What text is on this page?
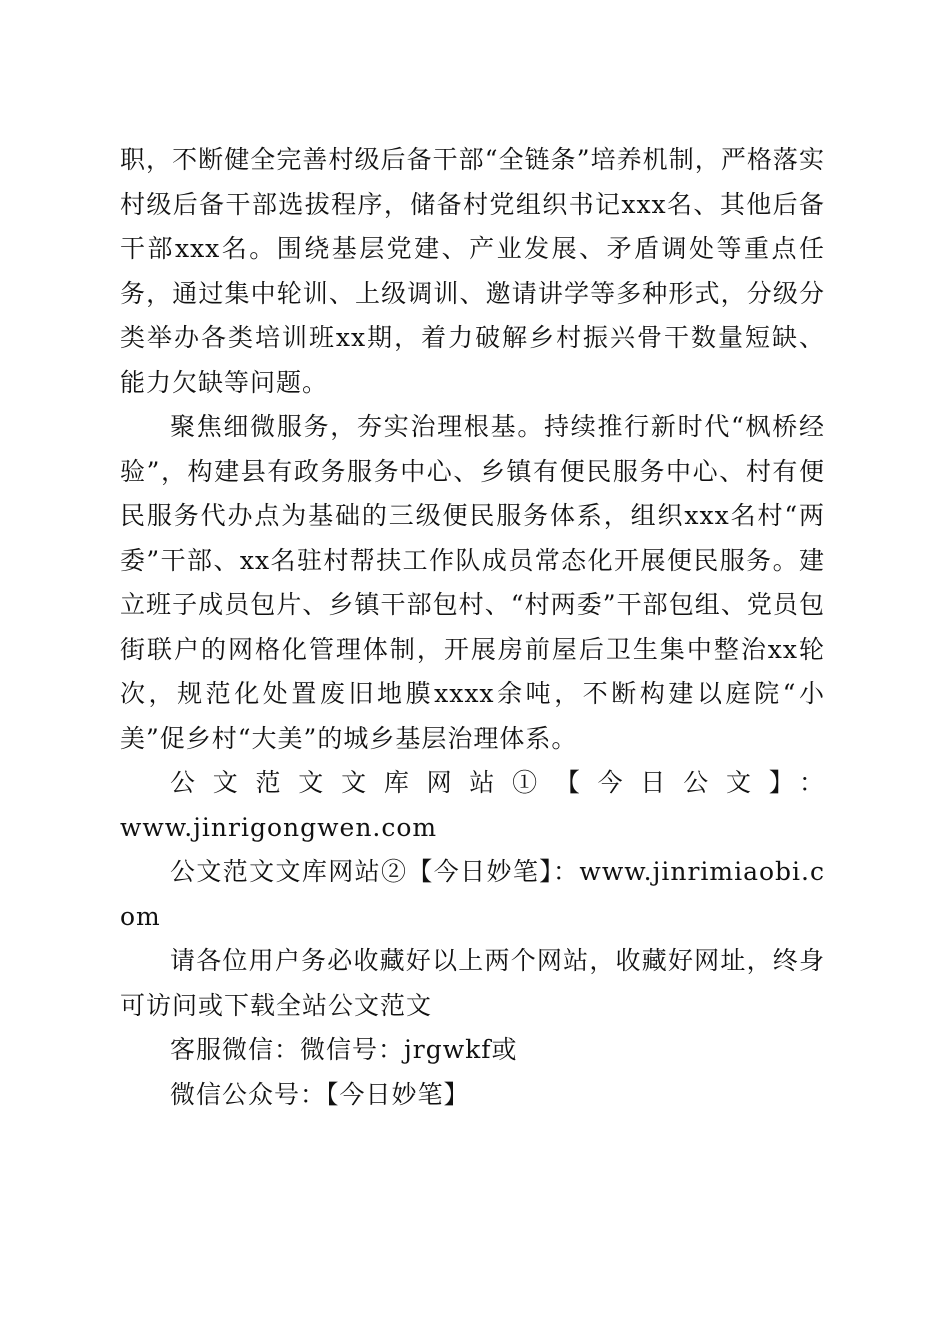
职，不断健全完善村级后备干部“全链条”培养机制，严格落实村级后备干部选拔程序，储备村党组织书记xxx名、其他后备干部xxx名。围绕基层党建、产业发展、矛盾调处等重点任务，通过集中轮训、上级调训、邀请讲学等多种形式，分级分类举办各类培训班xx期，着力破解乡村振兴骨干数量短缺、能力欠缺等问题。

聚焦细微服务，夯实治理根基。持续推行新时代“枫桥经验”，构建县有政务服务中心、乡镇有便民服务中心、村有便民服务代办点为基础的三级便民服务体系，组织xxx名村“两委”干部、xx名驻村帮扶工作队成员常态化开展便民服务。建立班子成员包片、乡镇干部包村、“村两委”干部包组、党员包街联户的网格化管理体制，开展房前屋后卫生集中整治xx轮次，规范化处置废旧地膜xxxx余吨，不断构建以庭院“小美”促乡村“大美”的城乡基层治理体系。

公文范文文库网站①【今日公文】：

www.jinrigongwen.com

公文范文文库网站②【今日妙笔】：www.jinrimiaobi.com

请各位用户务必收藏好以上两个网站，收藏好网址，终身可访问或下载全站公文范文

客服微信：微信号：jrgwkf或

微信公众号：【今日妙笔】
